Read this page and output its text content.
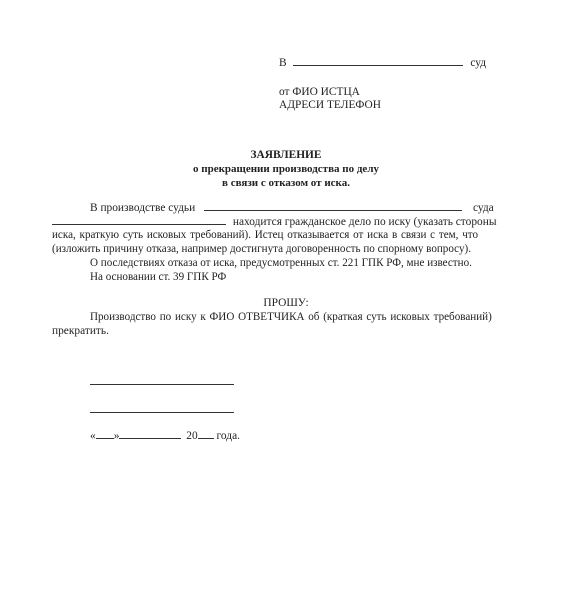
В	суд
от ФИО ИСТЦА
АДРЕСИ ТЕЛЕФОН
ЗАЯВЛЕНИЕ
о прекращении производства по делу
в связи с отказом от иска.
В производстве судьи	суда
находится гражданское дело по иску (указать стороны
иска, краткую суть исковых требований). Истец отказывается от иска в связи с тем, что
(изложить причину отказа, например достигнута договоренность по спорному вопросу).
О последствиях отказа от иска, предусмотренных ст. 221 ГПК РФ, мне известно.
На основании ст. 39 ГПК РФ
ПРОШУ:
Производство по иску к ФИО ОТВЕТЧИКА об (краткая суть исковых требований)
прекратить.
« »	20 года.
